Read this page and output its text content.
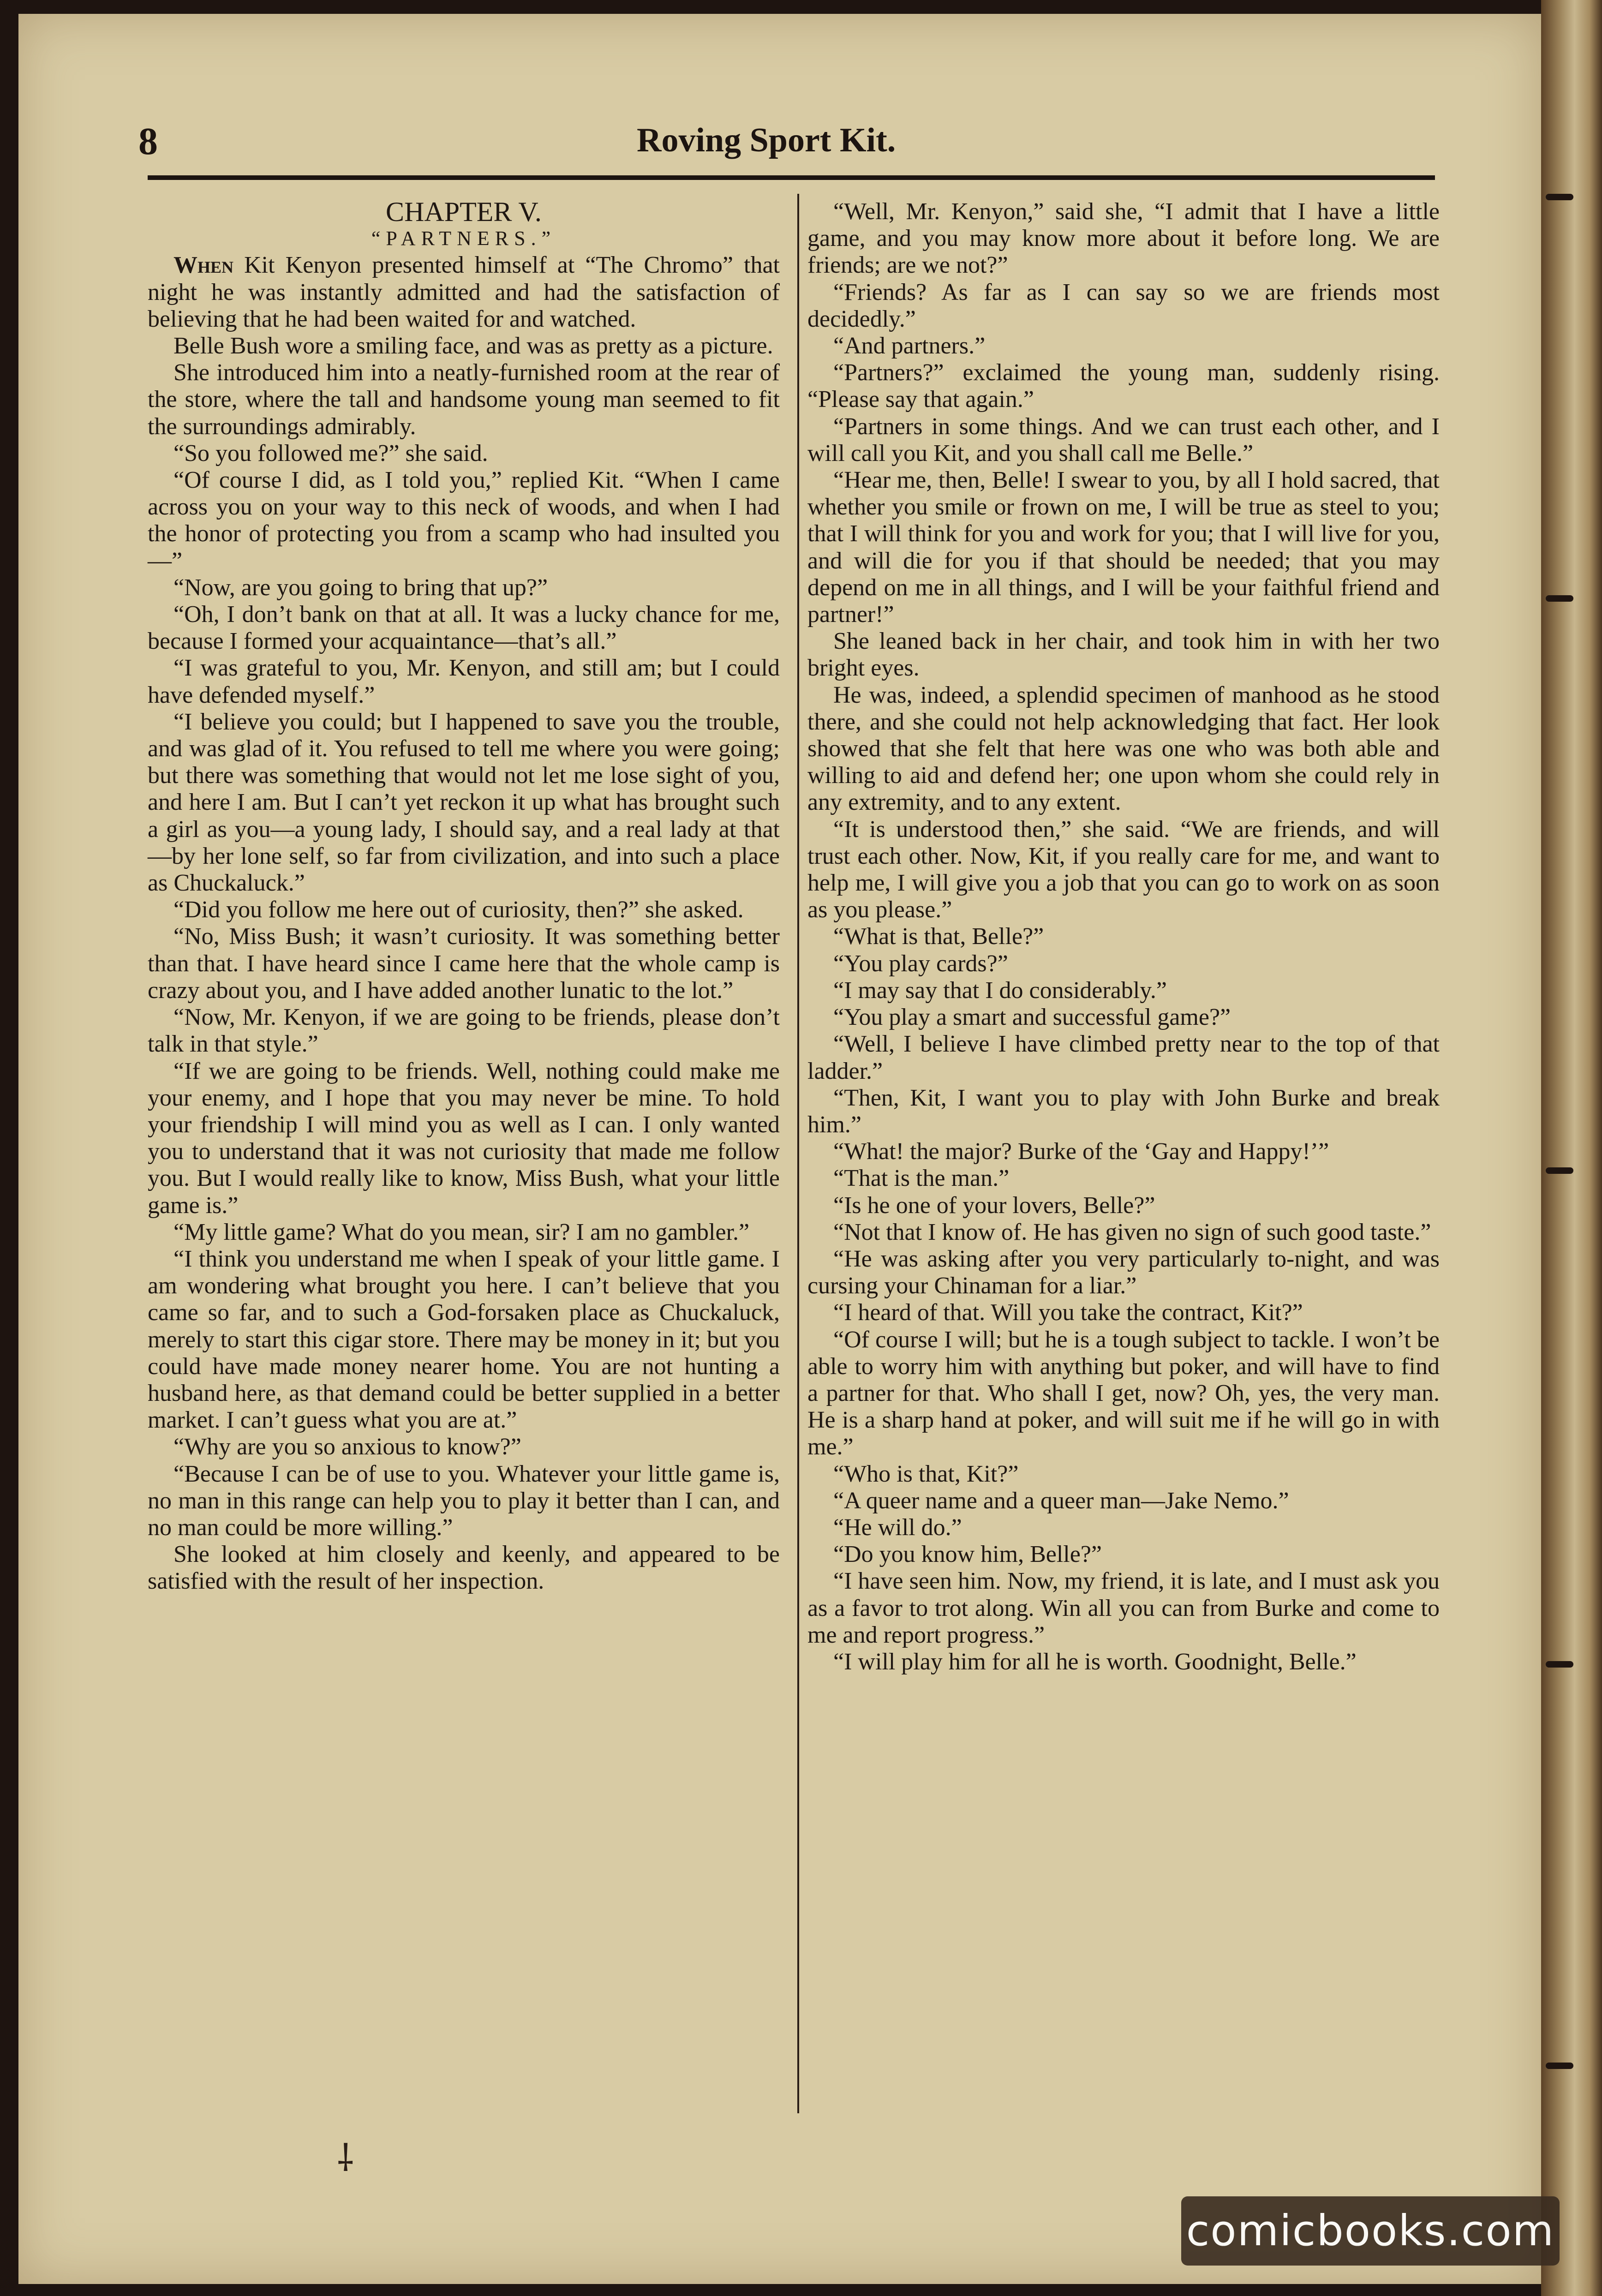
8	Roving Sport Kit.

CHAPTER V.

“PARTNERS.”

When Kit Kenyon presented himself at “The Chromo” that night he was instantly admitted and had the satisfaction of believing that he had been waited for and watched.

Belle Bush wore a smiling face, and was as pretty as a picture.

She introduced him into a neatly-furnished room at the rear of the store, where the tall and handsome young man seemed to fit the surroundings admirably.

“So you followed me?” she said.

“Of course I did, as I told you,” replied Kit. “When I came across you on your way to this neck of woods, and when I had the honor of protecting you from a scamp who had insulted you—”

“Now, are you going to bring that up?”

“Oh, I don’t bank on that at all. It was a lucky chance for me, because I formed your acquaintance—that’s all.”

“I was grateful to you, Mr. Kenyon, and still am; but I could have defended myself.”

“I believe you could; but I happened to save you the trouble, and was glad of it. You refused to tell me where you were going; but there was something that would not let me lose sight of you, and here I am. But I can’t yet reckon it up what has brought such a girl as you—a young lady, I should say, and a real lady at that—by her lone self, so far from civilization, and into such a place as Chuckaluck.”

“Did you follow me here out of curiosity, then?” she asked.

“No, Miss Bush; it wasn’t curiosity. It was something better than that. I have heard since I came here that the whole camp is crazy about you, and I have added another lunatic to the lot.”

“Now, Mr. Kenyon, if we are going to be friends, please don’t talk in that style.”

“If we are going to be friends. Well, nothing could make me your enemy, and I hope that you may never be mine. To hold your friendship I will mind you as well as I can. I only wanted you to understand that it was not curiosity that made me follow you. But I would really like to know, Miss Bush, what your little game is.”

“My little game? What do you mean, sir? I am no gambler.”

“I think you understand me when I speak of your little game. I am wondering what brought you here. I can’t believe that you came so far, and to such a God-forsaken place as Chuckaluck, merely to start this cigar store. There may be money in it; but you could have made money nearer home. You are not hunting a husband here, as that demand could be better supplied in a better market. I can’t guess what you are at.”

“Why are you so anxious to know?”

“Because I can be of use to you. Whatever your little game is, no man in this range can help you to play it better than I can, and no man could be more willing.”

She looked at him closely and keenly, and appeared to be satisfied with the result of her inspection.

“Well, Mr. Kenyon,” said she, “I admit that I have a little game, and you may know more about it before long. We are friends; are we not?”

“Friends? As far as I can say so we are friends most decidedly.”

“And partners.”

“Partners?” exclaimed the young man, suddenly rising. “Please say that again.”

“Partners in some things. And we can trust each other, and I will call you Kit, and you shall call me Belle.”

“Hear me, then, Belle! I swear to you, by all I hold sacred, that whether you smile or frown on me, I will be true as steel to you; that I will think for you and work for you; that I will live for you, and will die for you if that should be needed; that you may depend on me in all things, and I will be your faithful friend and partner!”

She leaned back in her chair, and took him in with her two bright eyes.

He was, indeed, a splendid specimen of manhood as he stood there, and she could not help acknowledging that fact. Her look showed that she felt that here was one who was both able and willing to aid and defend her; one upon whom she could rely in any extremity, and to any extent.

“It is understood then,” she said. “We are friends, and will trust each other. Now, Kit, if you really care for me, and want to help me, I will give you a job that you can go to work on as soon as you please.”

“What is that, Belle?”

“You play cards?”

“I may say that I do considerably.”

“You play a smart and successful game?”

“Well, I believe I have climbed pretty near to the top of that ladder.”

“Then, Kit, I want you to play with John Burke and break him.”

“What! the major? Burke of the ‘Gay and Happy!’”

“That is the man.”

“Is he one of your lovers, Belle?”

“Not that I know of. He has given no sign of such good taste.”

“He was asking after you very particularly to-night, and was cursing your Chinaman for a liar.”

“I heard of that. Will you take the contract, Kit?”

“Of course I will; but he is a tough subject to tackle. I won’t be able to worry him with anything but poker, and will have to find a partner for that. Who shall I get, now? Oh, yes, the very man. He is a sharp hand at poker, and will suit me if he will go in with me.”

“Who is that, Kit?”

“A queer name and a queer man—Jake Nemo.”

“He will do.”

“Do you know him, Belle?”

“I have seen him. Now, my friend, it is late, and I must ask you as a favor to trot along. Win all you can from Burke and come to me and report progress.”

“I will play him for all he is worth. Goodnight, Belle.”

⸸
comicbooks.com
